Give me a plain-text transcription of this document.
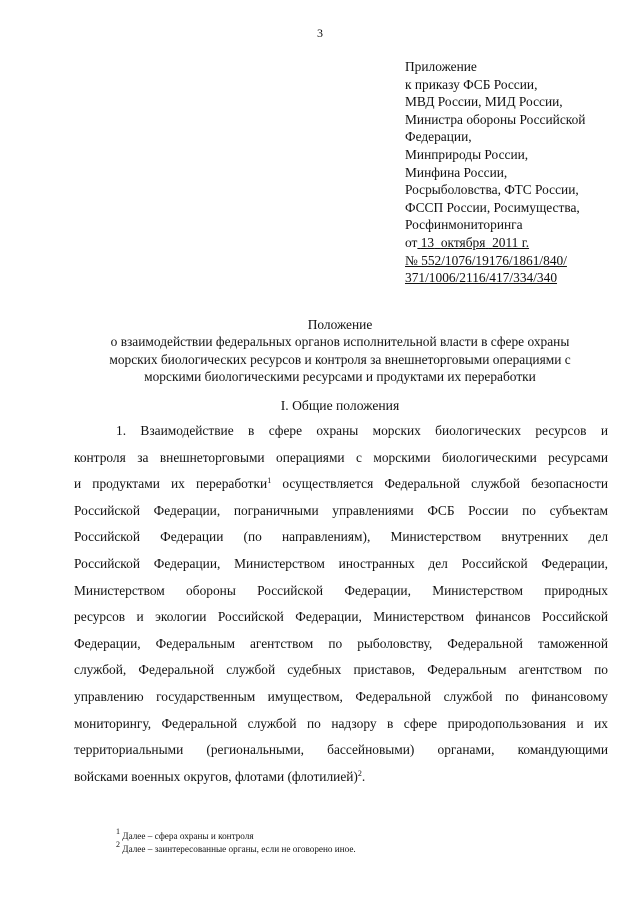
3
Приложение
к приказу ФСБ России,
МВД России, МИД России,
Министра обороны Российской
Федерации,
Минприроды России,
Минфина России,
Росрыболовства, ФТС России,
ФССП России, Росимущества,
Росфинмониторинга
от 13 октября 2011 г.
№ 552/1076/19176/1861/840/
371/1006/2116/417/334/340
Положение
о взаимодействии федеральных органов исполнительной власти в сфере охраны
морских биологических ресурсов и контроля за внешнеторговыми операциями с
морскими биологическими ресурсами и продуктами их переработки
I. Общие положения
1. Взаимодействие в сфере охраны морских биологических ресурсов и
контроля за внешнеторговыми операциями с морскими биологическими ресурсами
и продуктами их переработки$^1$ осуществляется Федеральной службой безопасности
Российской Федерации, пограничными управлениями ФСБ России по субъектам
Российской Федерации (по направлениям), Министерством внутренних дел
Российской Федерации, Министерством иностранных дел Российской Федерации,
Министерством обороны Российской Федерации, Министерством природных
ресурсов и экологии Российской Федерации, Министерством финансов Российской
Федерации, Федеральным агентством по рыболовству, Федеральной таможенной
службой, Федеральной службой судебных приставов, Федеральным агентством по
управлению государственным имуществом, Федеральной службой по финансовому
мониторингу, Федеральной службой по надзору в сфере природопользования и их
территориальными (региональными, бассейновыми) органами, командующими
войсками военных округов, флотами (флотилией)$^2$.
$^1$ Далее – сфера охраны и контроля
$^2$ Далее – заинтересованные органы, если не оговорено иное.
